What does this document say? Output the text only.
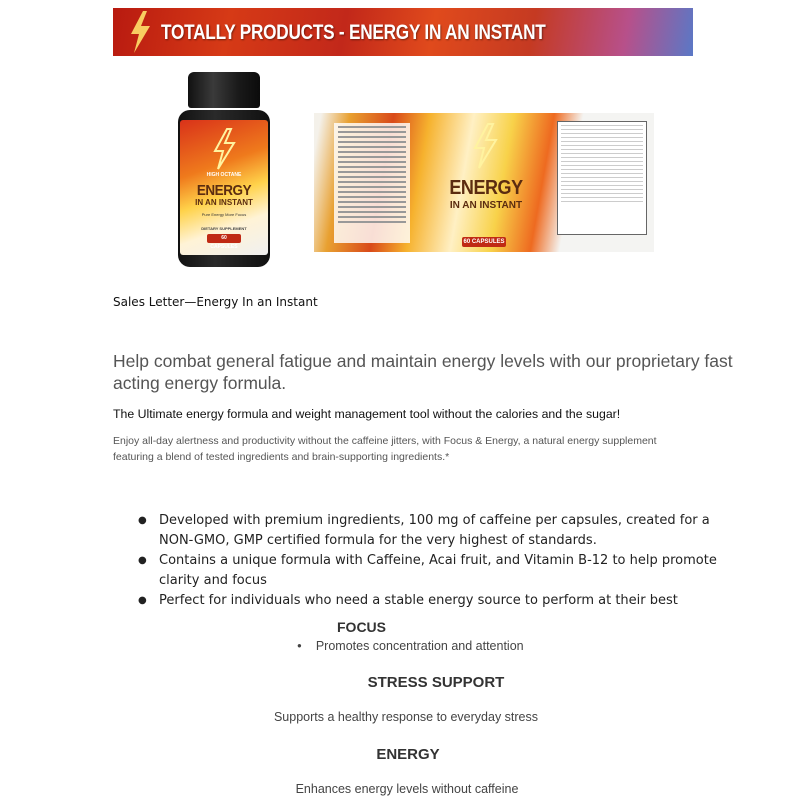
TOTALLY PRODUCTS - ENERGY IN AN INSTANT
HIGH OCTANE
ENERGY
IN AN INSTANT
Pure Energy More Focus
DIETARY SUPPLEMENT
60 CAPSULES
ENERGY
IN AN INSTANT
60 CAPSULES
Sales Letter—Energy In an Instant
Help combat general fatigue and maintain energy levels with our proprietary fast acting energy formula.
The Ultimate energy formula and weight management tool without the calories and the sugar!
Enjoy all-day alertness and productivity without the caffeine jitters, with Focus & Energy, a natural energy supplement featuring a blend of tested ingredients and brain-supporting ingredients.*
● Developed with premium ingredients, 100 mg of caffeine per capsules, created for a NON-GMO, GMP certified formula for the very highest of standards.
● Contains a unique formula with Caffeine, Acai fruit, and Vitamin B-12 to help promote clarity and focus
● Perfect for individuals who need a stable energy source to perform at their best
FOCUS
● Promotes concentration and attention
STRESS SUPPORT
Supports a healthy response to everyday stress
ENERGY
Enhances energy levels without caffeine
